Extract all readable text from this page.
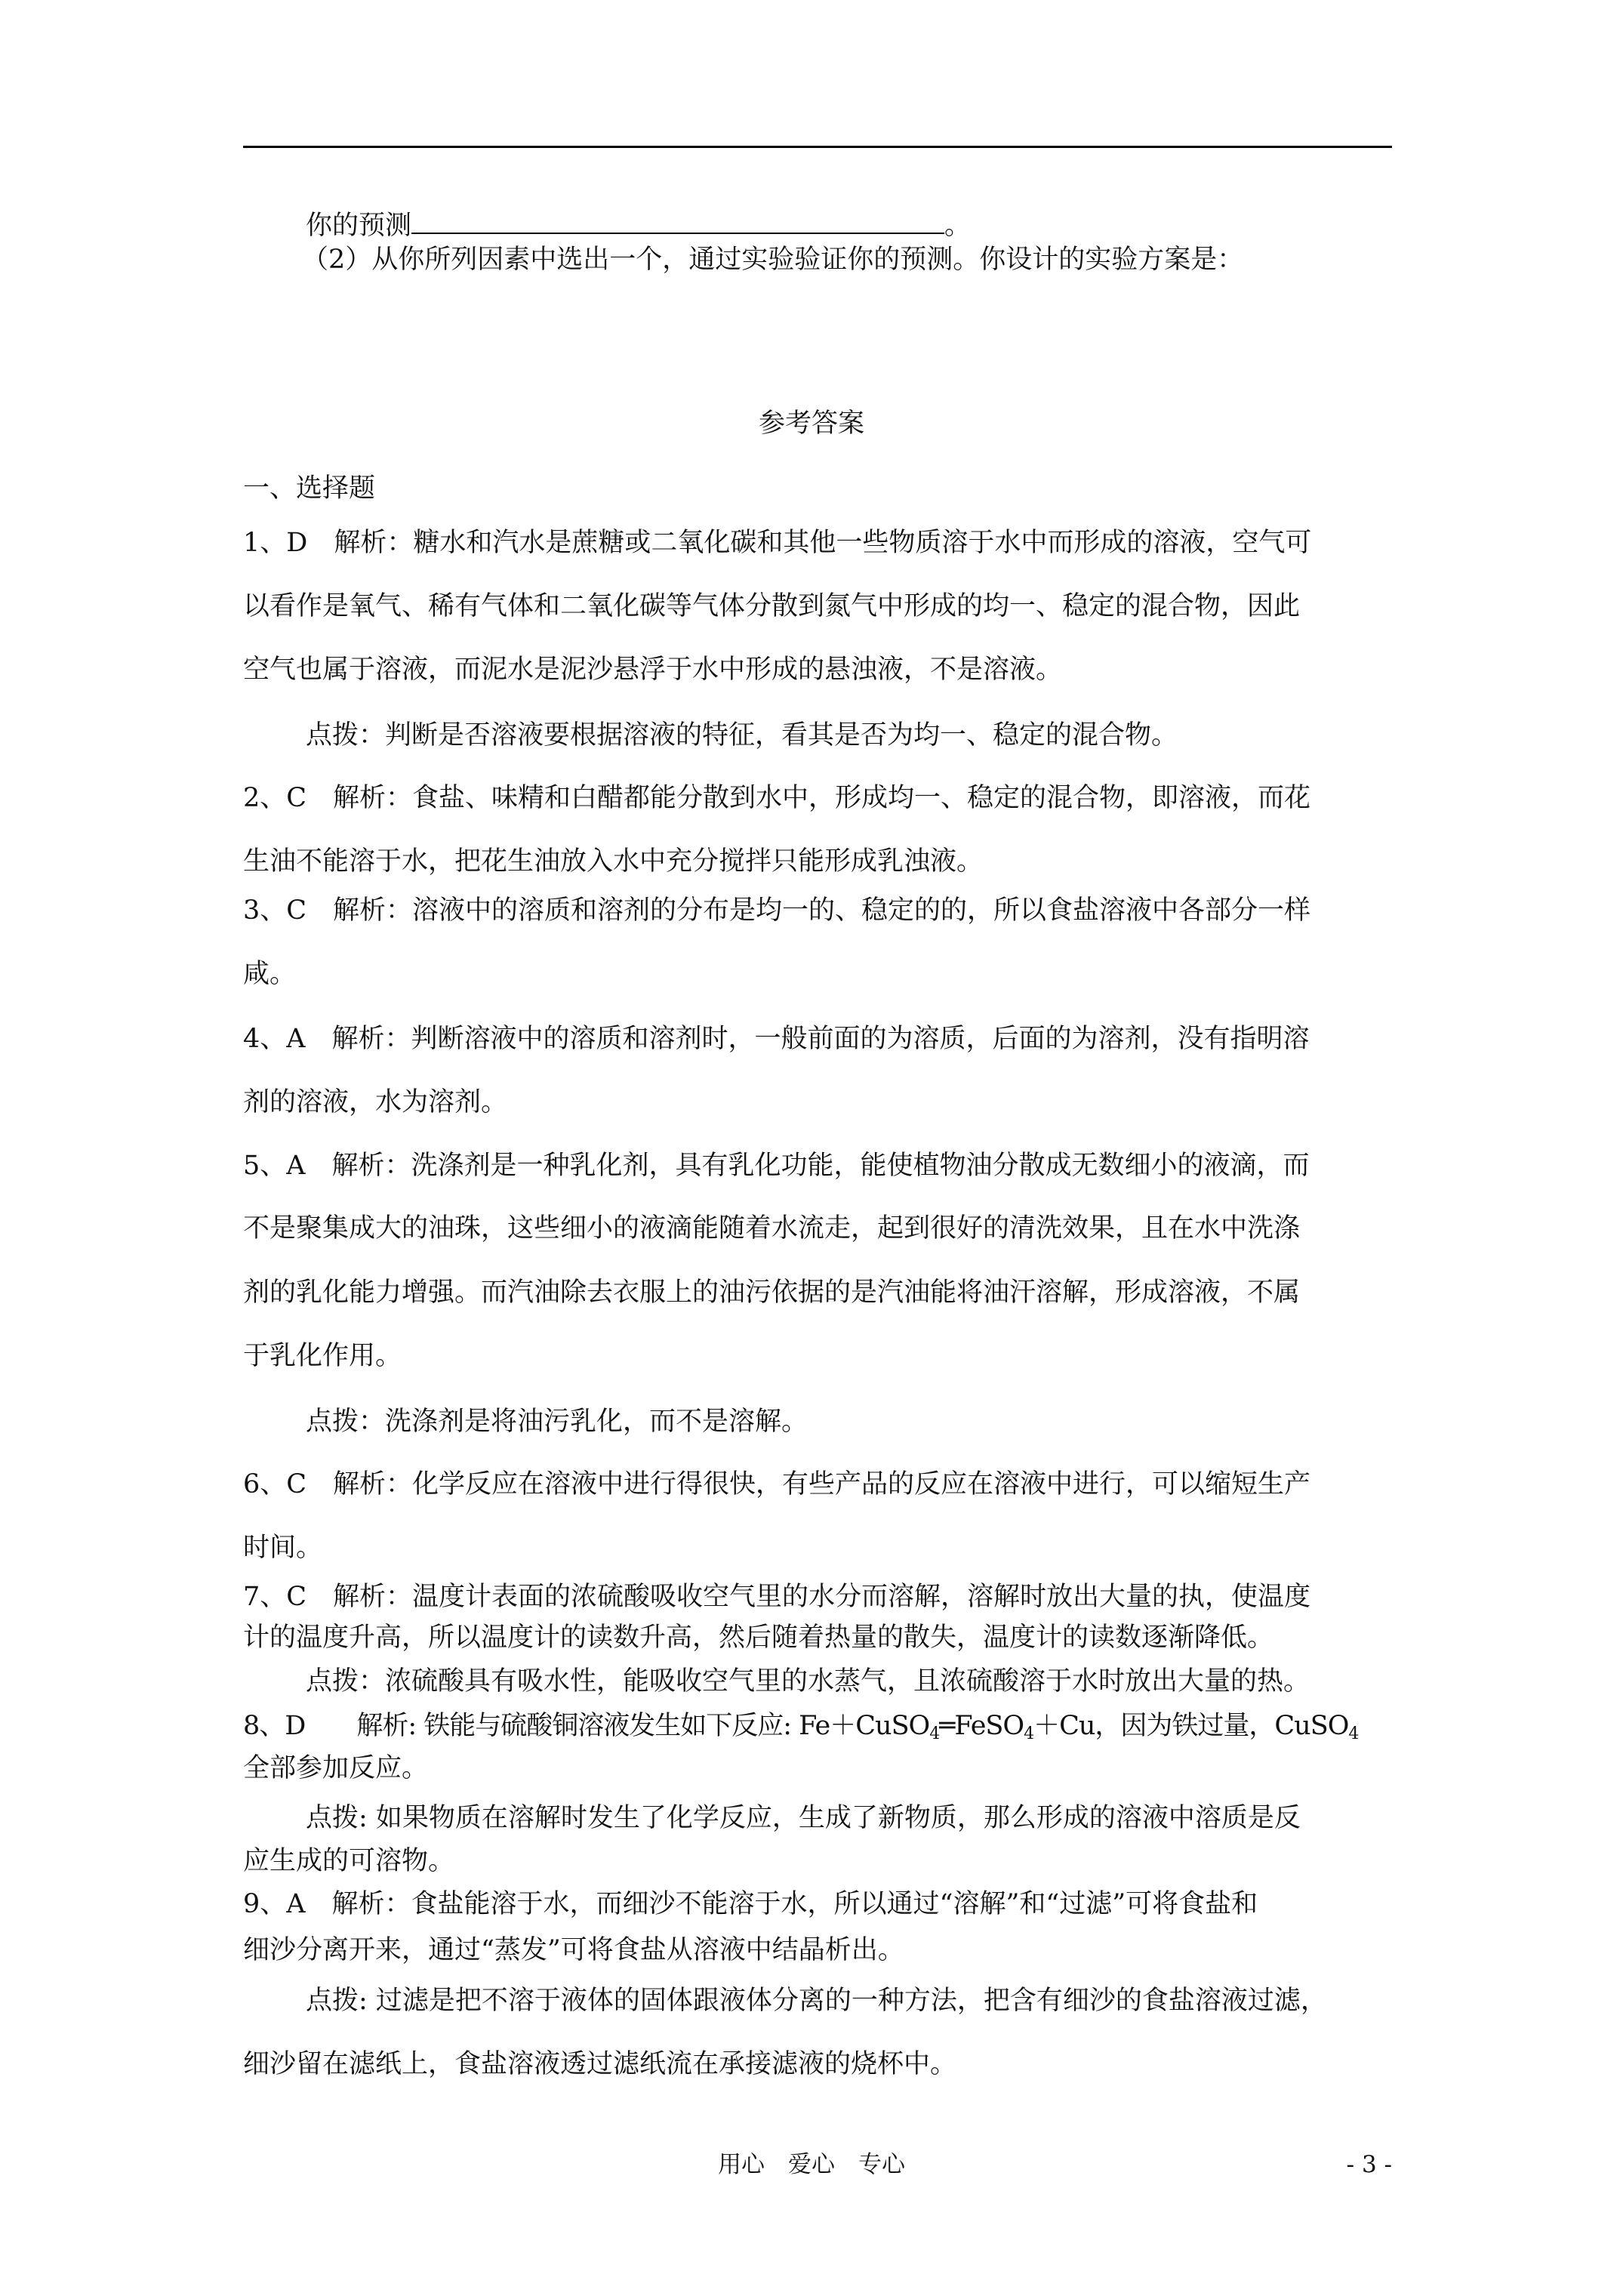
你的预测	。
（2）从你所列因素中选出一个，通过实验验证你的预测。你设计的实验方案是：
参考答案
一、选择题
1、D　解析：糖水和汽水是蔗糖或二氧化碳和其他一些物质溶于水中而形成的溶液，空气可
以看作是氧气、稀有气体和二氧化碳等气体分散到氮气中形成的均一、稳定的混合物，因此
空气也属于溶液，而泥水是泥沙悬浮于水中形成的悬浊液，不是溶液。
点拨：判断是否溶液要根据溶液的特征，看其是否为均一、稳定的混合物。
2、C　解析：食盐、味精和白醋都能分散到水中，形成均一、稳定的混合物，即溶液，而花
生油不能溶于水，把花生油放入水中充分搅拌只能形成乳浊液。
3、C　解析：溶液中的溶质和溶剂的分布是均一的、稳定的的，所以食盐溶液中各部分一样
咸。
4、A　解析：判断溶液中的溶质和溶剂时，一般前面的为溶质，后面的为溶剂，没有指明溶
剂的溶液，水为溶剂。
5、A　解析：洗涤剂是一种乳化剂，具有乳化功能，能使植物油分散成无数细小的液滴，而
不是聚集成大的油珠，这些细小的液滴能随着水流走，起到很好的清洗效果，且在水中洗涤
剂的乳化能力增强。而汽油除去衣服上的油污依据的是汽油能将油汗溶解，形成溶液，不属
于乳化作用。
点拨：洗涤剂是将油污乳化，而不是溶解。
6、C　解析：化学反应在溶液中进行得很快，有些产品的反应在溶液中进行，可以缩短生产
时间。
7、C　解析：温度计表面的浓硫酸吸收空气里的水分而溶解，溶解时放出大量的执，使温度
计的温度升高，所以温度计的读数升高，然后随着热量的散失，温度计的读数逐渐降低。
点拨：浓硫酸具有吸水性，能吸收空气里的水蒸气，且浓硫酸溶于水时放出大量的热。
8、D　　解析: 铁能与硫酸铜溶液发生如下反应: Fe＋CuSO$_4$═FeSO$_4$＋Cu，因为铁过量，CuSO$_4$
全部参加反应。
点拨: 如果物质在溶解时发生了化学反应，生成了新物质，那么形成的溶液中溶质是反
应生成的可溶物。
9、A　解析：食盐能溶于水，而细沙不能溶于水，所以通过“溶解”和“过滤”可将食盐和
细沙分离开来，通过“蒸发”可将食盐从溶液中结晶析出。
点拨: 过滤是把不溶于液体的固体跟液体分离的一种方法，把含有细沙的食盐溶液过滤，
细沙留在滤纸上，食盐溶液透过滤纸流在承接滤液的烧杯中。
用心　爱心　专心	- 3 -
